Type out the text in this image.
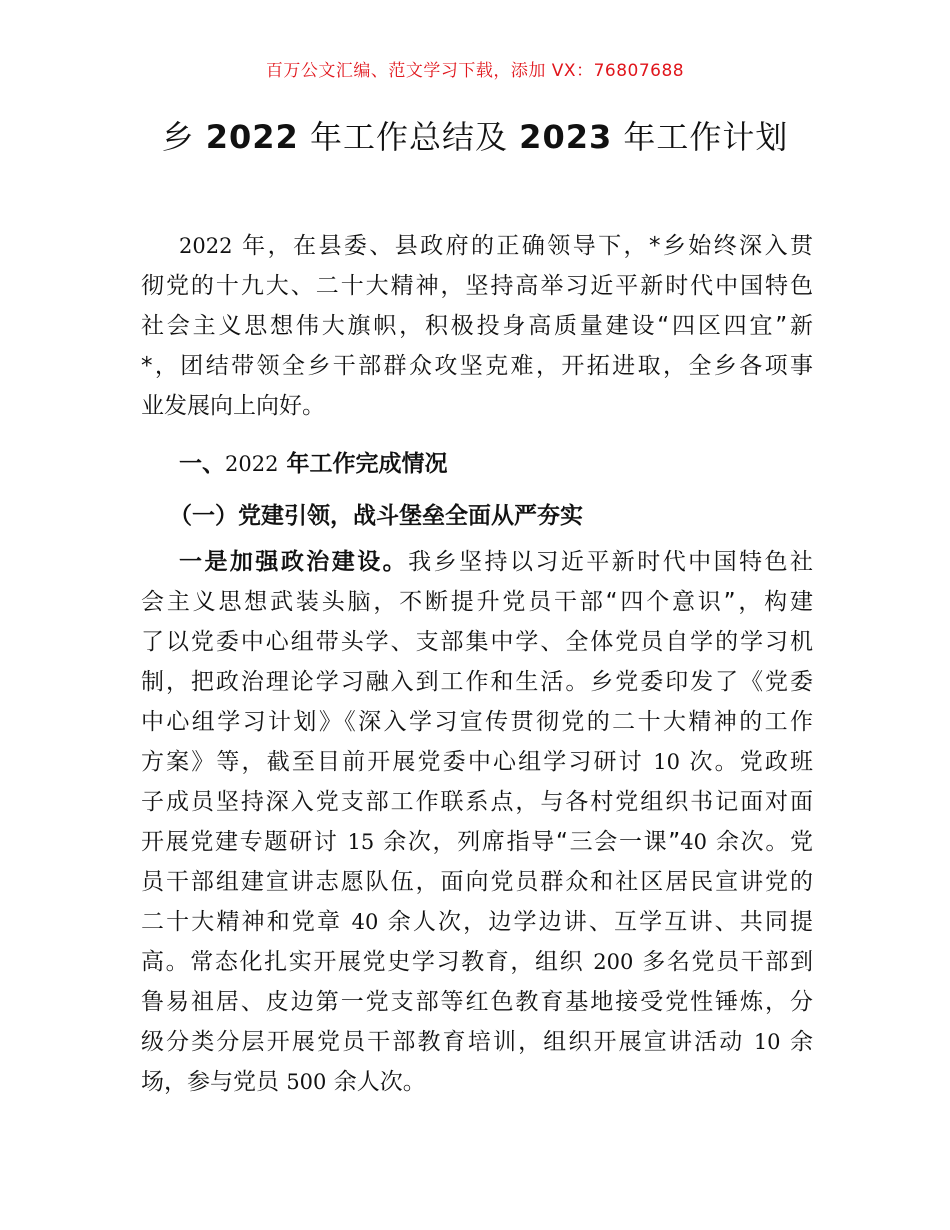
百万公文汇编、范文学习下载，添加 VX：76807688
乡 2022 年工作总结及 2023 年工作计划
2022 年，在县委、县政府的正确领导下，*乡始终深入贯
彻党的十九大、二十大精神，坚持高举习近平新时代中国特色
社会主义思想伟大旗帜，积极投身高质量建设“四区四宜”新
*，团结带领全乡干部群众攻坚克难，开拓进取，全乡各项事
业发展向上向好。
一、2022 年工作完成情况
（一）党建引领，战斗堡垒全面从严夯实
一是加强政治建设。我乡坚持以习近平新时代中国特色社
会主义思想武装头脑，不断提升党员干部“四个意识”，构建
了以党委中心组带头学、支部集中学、全体党员自学的学习机
制，把政治理论学习融入到工作和生活。乡党委印发了《党委
中心组学习计划》《深入学习宣传贯彻党的二十大精神的工作
方案》等，截至目前开展党委中心组学习研讨 10 次。党政班
子成员坚持深入党支部工作联系点，与各村党组织书记面对面
开展党建专题研讨 15 余次，列席指导“三会一课”40 余次。党
员干部组建宣讲志愿队伍，面向党员群众和社区居民宣讲党的
二十大精神和党章 40 余人次，边学边讲、互学互讲、共同提
高。常态化扎实开展党史学习教育，组织 200 多名党员干部到
鲁易祖居、皮边第一党支部等红色教育基地接受党性锤炼，分
级分类分层开展党员干部教育培训，组织开展宣讲活动 10 余
场，参与党员 500 余人次。
